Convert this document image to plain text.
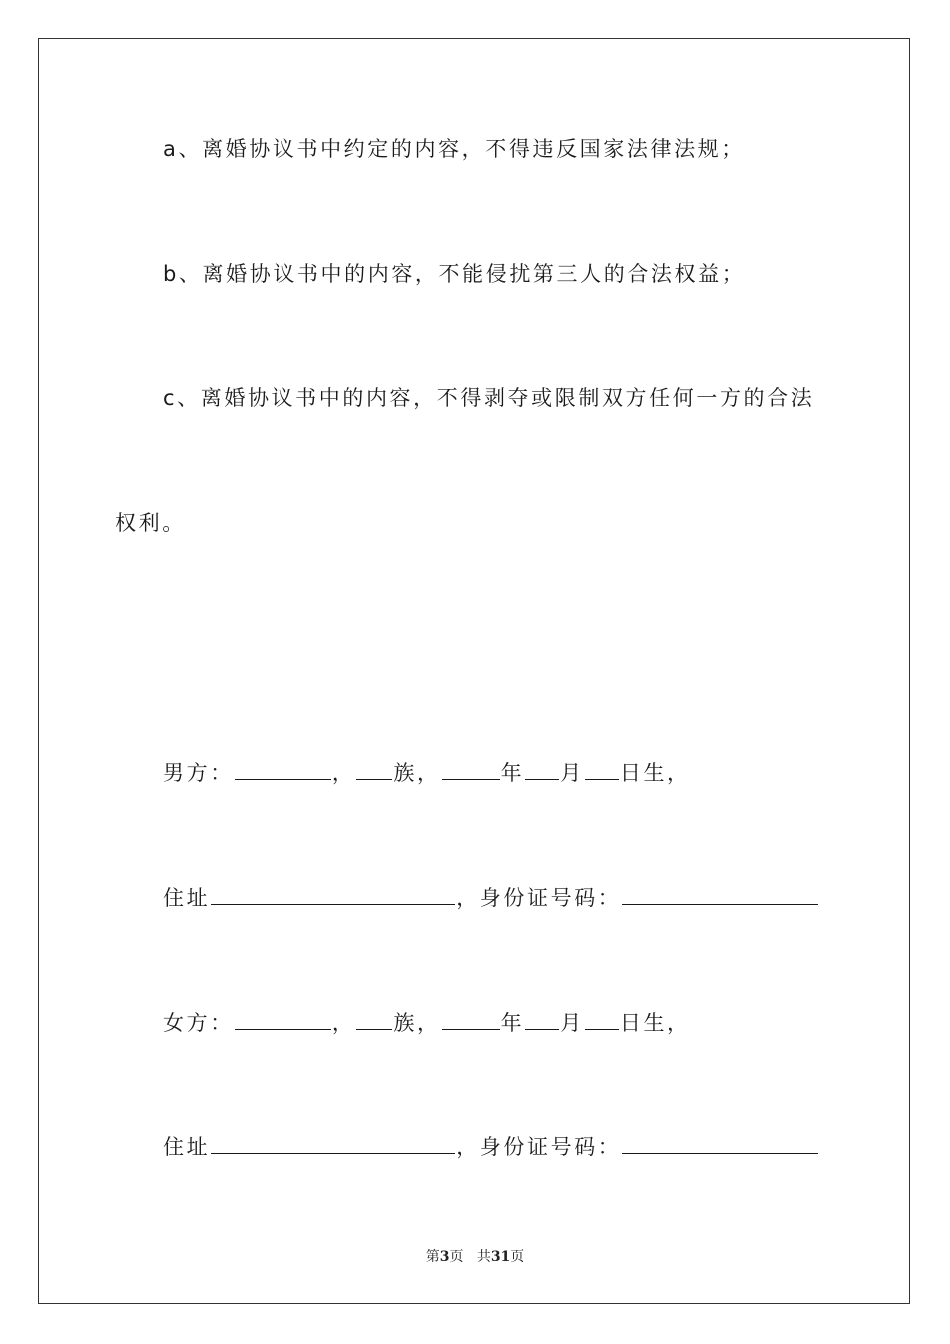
a、离婚协议书中约定的内容，不得违反国家法律法规；
b、离婚协议书中的内容，不能侵扰第三人的合法权益；
c、离婚协议书中的内容，不得剥夺或限制双方任何一方的合法
权利。
男方：	， 族，	年 月 日生，
住址	，身份证号码：
女方：	， 族，	年 月 日生，
住址	，身份证号码：
第3页 共31页
